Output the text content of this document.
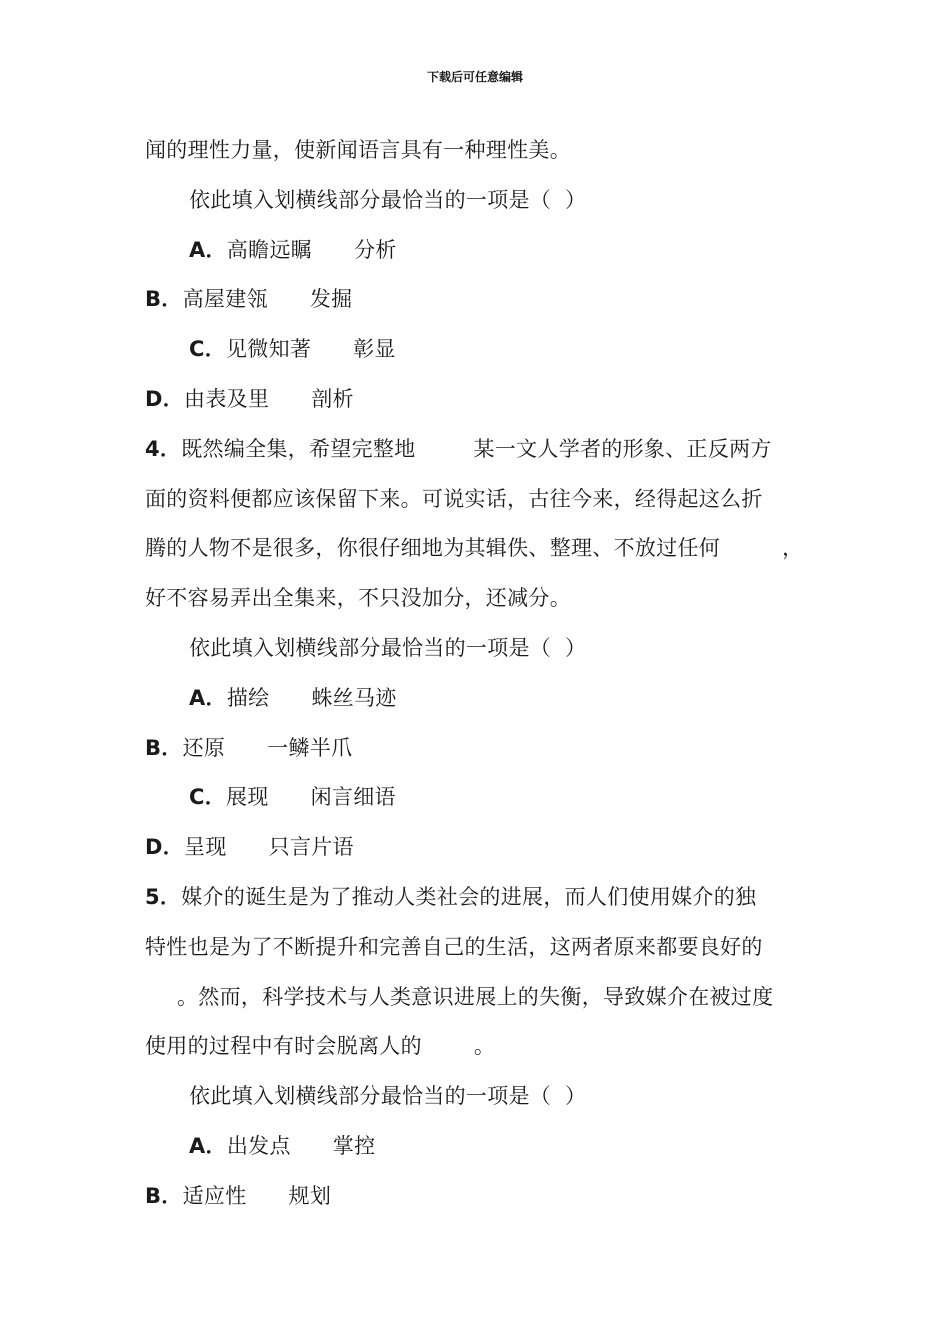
下载后可任意编辑
闻的理性力量，使新闻语言具有一种理性美。
依此填入划横线部分最恰当的一项是（  ）
A．高瞻远瞩 分析
B．高屋建瓴 发掘
C．见微知著 彰显
D．由表及里 剖析
4．既然编全集，希望完整地	某一文人学者的形象、正反两方
面的资料便都应该保留下来。可说实话，古往今来，经得起这么折
腾的人物不是很多，你很仔细地为其辑佚、整理、不放过任何	，
好不容易弄出全集来，不只没加分，还减分。
依此填入划横线部分最恰当的一项是（  ）
A．描绘 蛛丝马迹
B．还原 一鳞半爪
C．展现 闲言细语
D．呈现 只言片语
5．媒介的诞生是为了推动人类社会的进展，而人们使用媒介的独
特性也是为了不断提升和完善自己的生活，这两者原来都要良好的
。然而，科学技术与人类意识进展上的失衡，导致媒介在被过度
使用的过程中有时会脱离人的 。
依此填入划横线部分最恰当的一项是（  ）
A．出发点 掌控
B．适应性 规划
